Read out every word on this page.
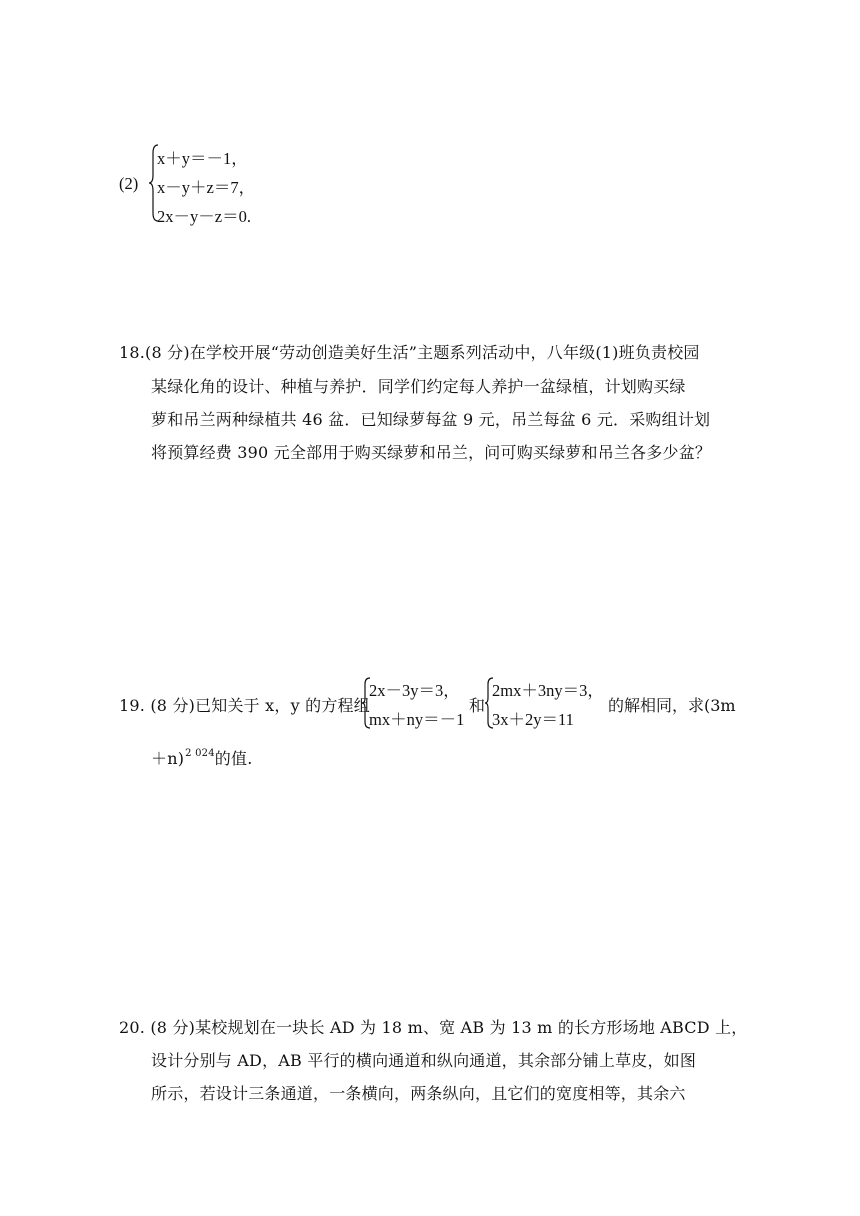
(2)
x＋y＝－1，
x－y＋z＝7，
2x－y－z＝0.
18.(8 分)在学校开展“劳动创造美好生活”主题系列活动中，八年级(1)班负责校园
某绿化角的设计、种植与养护．同学们约定每人养护一盆绿植，计划购买绿
萝和吊兰两种绿植共 46 盆．已知绿萝每盆 9 元，吊兰每盆 6 元．采购组计划
将预算经费 390 元全部用于购买绿萝和吊兰，问可购买绿萝和吊兰各多少盆？
19. (8 分)已知关于 x，y 的方程组
2x－3y＝3，
mx＋ny＝－1
和
2mx＋3ny＝3，
3x＋2y＝11
的解相同，求(3m
＋n)$^{2 024}$的值.
20. (8 分)某校规划在一块长 AD 为 18 m、宽 AB 为 13 m 的长方形场地 ABCD 上，
设计分别与 AD，AB 平行的横向通道和纵向通道，其余部分铺上草皮，如图
所示，若设计三条通道，一条横向，两条纵向，且它们的宽度相等，其余六
